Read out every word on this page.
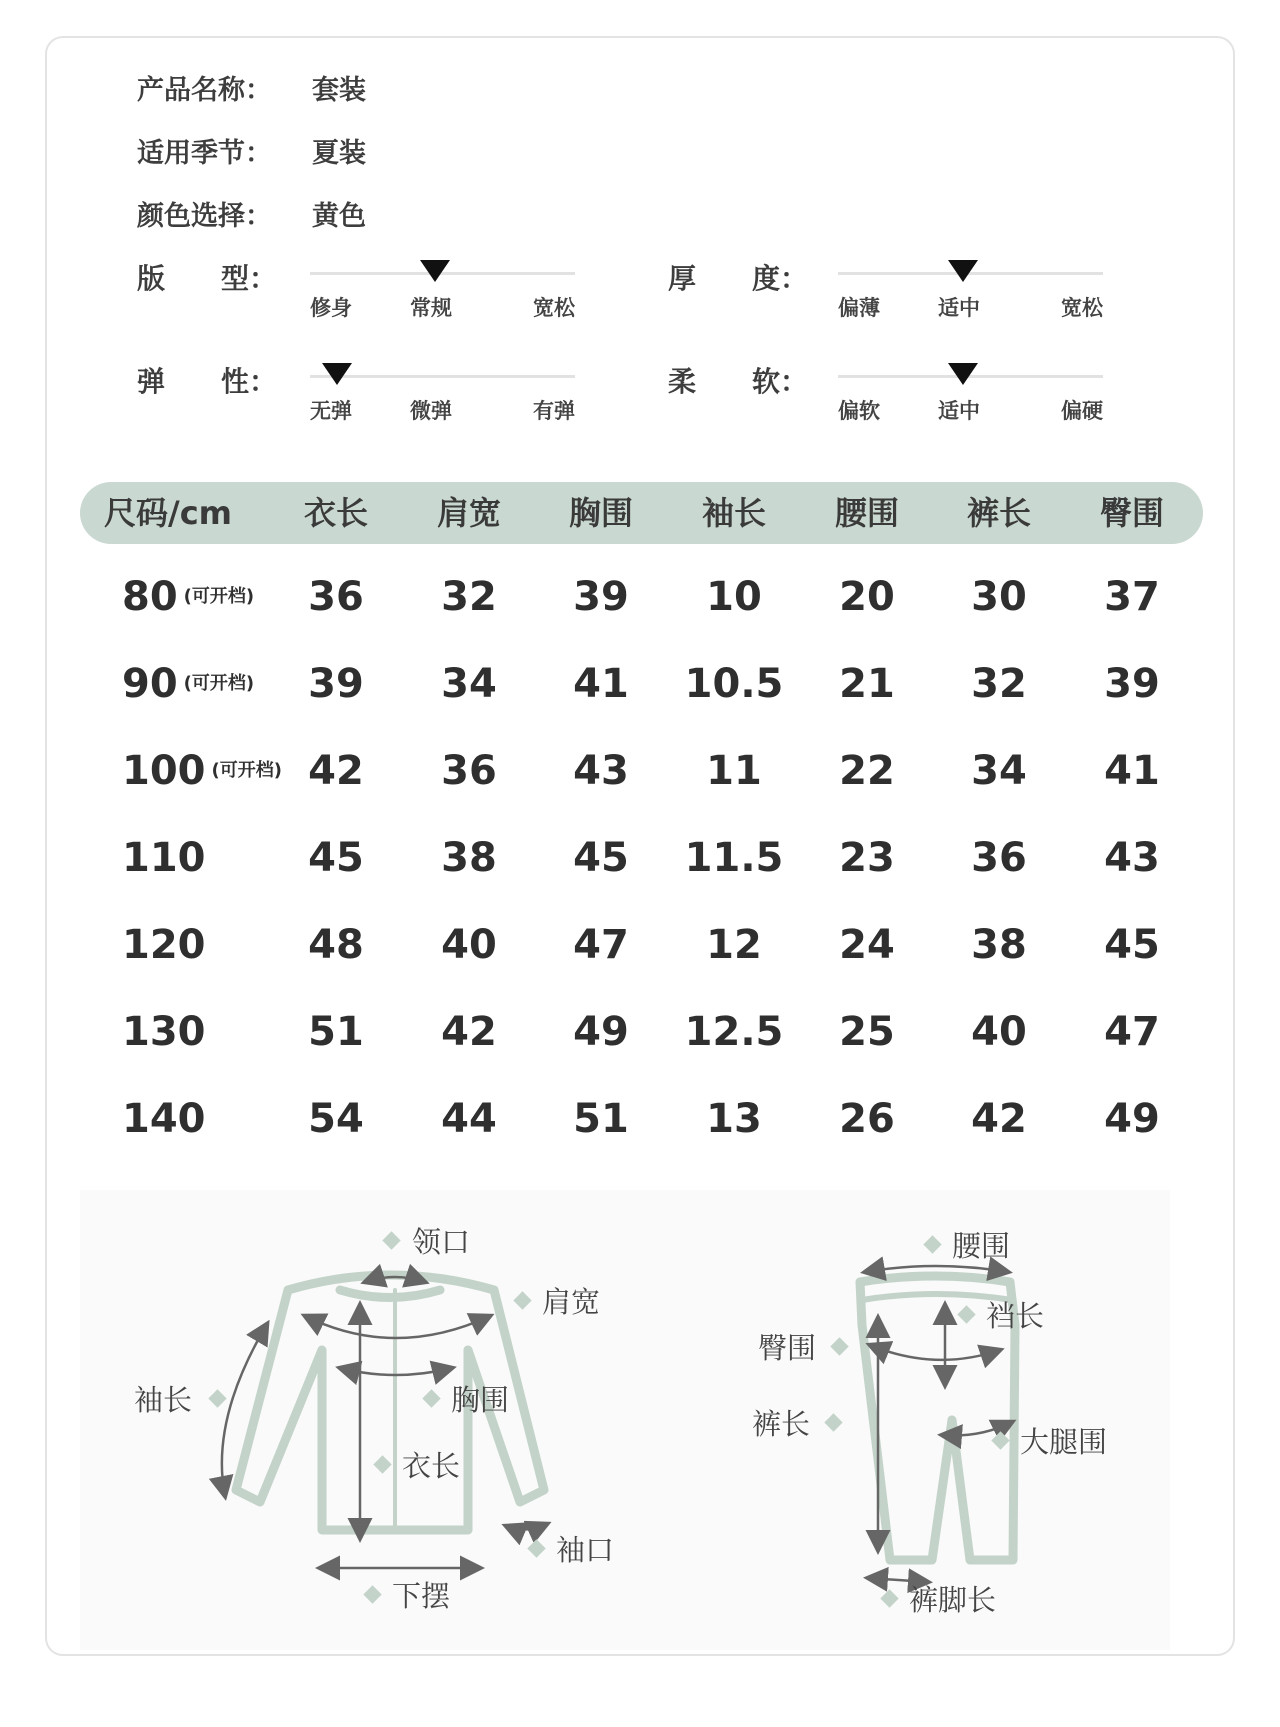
产品名称： 套装
适用季节： 夏装
颜色选择： 黄色
版 型：
修身	常规	宽松
厚 度：
偏薄	适中	宽松
弹 性：
无弹	微弹	有弹
柔 软：
偏软	适中	偏硬
尺码/cm 衣长 肩宽 胸围 袖长 腰围 裤长 臀围
80 $^{(可开档)}$ 36 32 39 10 20 30 37
90 $^{(可开档)}$ 39 34 41 10.5 21 32 39
100 $^{(可开档)}$ 42 36 43 11 22 34 41
110	45 38 45 11.5 23 36 43
120	48 40 47 12 24 38 45
130	51 42 49 12.5 25 40 47
140	54 44 51 13 26 42 49
领口
肩宽
袖长	胸围
衣长
袖口
下摆
腰围
裆长
臀围
裤长
大腿围
裤脚长
